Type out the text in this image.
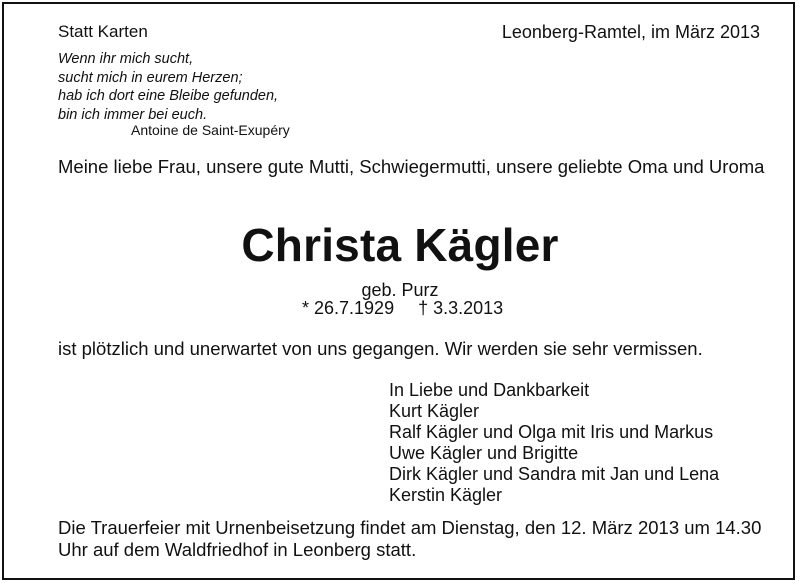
Statt Karten	Leonberg-Ramtel, im März 2013
Wenn ihr mich sucht,
sucht mich in eurem Herzen;
hab ich dort eine Bleibe gefunden,
bin ich immer bei euch.
Antoine de Saint-Exupéry
Meine liebe Frau, unsere gute Mutti, Schwiegermutti, unsere geliebte Oma und Uroma
Christa Kägler
geb. Purz
* 26.7.1929 † 3.3.2013
ist plötzlich und unerwartet von uns gegangen. Wir werden sie sehr vermissen.
In Liebe und Dankbarkeit
Kurt Kägler
Ralf Kägler und Olga mit Iris und Markus
Uwe Kägler und Brigitte
Dirk Kägler und Sandra mit Jan und Lena
Kerstin Kägler
Die Trauerfeier mit Urnenbeisetzung findet am Dienstag, den 12. März 2013 um 14.30 Uhr auf dem Waldfriedhof in Leonberg statt.
